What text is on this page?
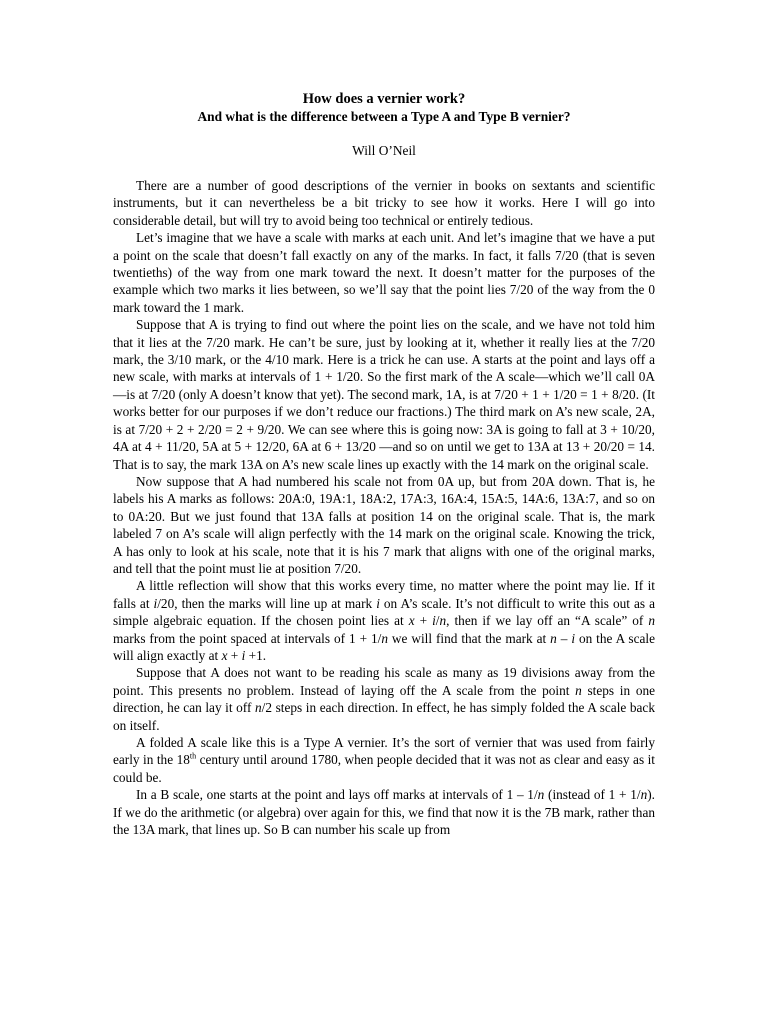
How does a vernier work?
And what is the difference between a Type A and Type B vernier?
Will O’Neil

There are a number of good descriptions of the vernier in books on sextants and scientific instruments, but it can nevertheless be a bit tricky to see how it works. Here I will go into considerable detail, but will try to avoid being too technical or entirely tedious.

Let’s imagine that we have a scale with marks at each unit. And let’s imagine that we have a put a point on the scale that doesn’t fall exactly on any of the marks. In fact, it falls 7/20 (that is seven twentieths) of the way from one mark toward the next. It doesn’t matter for the purposes of the example which two marks it lies between, so we’ll say that the point lies 7/20 of the way from the 0 mark toward the 1 mark.

Suppose that A is trying to find out where the point lies on the scale, and we have not told him that it lies at the 7/20 mark. He can’t be sure, just by looking at it, whether it really lies at the 7/20 mark, the 3/10 mark, or the 4/10 mark. Here is a trick he can use. A starts at the point and lays off a new scale, with marks at intervals of 1 + 1/20. So the first mark of the A scale—which we’ll call 0A—is at 7/20 (only A doesn’t know that yet). The second mark, 1A, is at 7/20 + 1 + 1/20 = 1 + 8/20. (It works better for our purposes if we don’t reduce our fractions.) The third mark on A’s new scale, 2A, is at 7/20 + 2 + 2/20 = 2 + 9/20. We can see where this is going now: 3A is going to fall at 3 + 10/20, 4A at 4 + 11/20, 5A at 5 + 12/20, 6A at 6 + 13/20 —and so on until we get to 13A at 13 + 20/20 = 14. That is to say, the mark 13A on A’s new scale lines up exactly with the 14 mark on the original scale.

Now suppose that A had numbered his scale not from 0A up, but from 20A down. That is, he labels his A marks as follows: 20A:0, 19A:1, 18A:2, 17A:3, 16A:4, 15A:5, 14A:6, 13A:7, and so on to 0A:20. But we just found that 13A falls at position 14 on the original scale. That is, the mark labeled 7 on A’s scale will align perfectly with the 14 mark on the original scale. Knowing the trick, A has only to look at his scale, note that it is his 7 mark that aligns with one of the original marks, and tell that the point must lie at position 7/20.

A little reflection will show that this works every time, no matter where the point may lie. If it falls at i/20, then the marks will line up at mark i on A’s scale. It’s not difficult to write this out as a simple algebraic equation. If the chosen point lies at x + i/n, then if we lay off an “A scale” of n marks from the point spaced at intervals of 1 + 1/n we will find that the mark at n – i on the A scale will align exactly at x + i +1.

Suppose that A does not want to be reading his scale as many as 19 divisions away from the point. This presents no problem. Instead of laying off the A scale from the point n steps in one direction, he can lay it off n/2 steps in each direction. In effect, he has simply folded the A scale back on itself.

A folded A scale like this is a Type A vernier. It’s the sort of vernier that was used from fairly early in the 18th century until around 1780, when people decided that it was not as clear and easy as it could be.

In a B scale, one starts at the point and lays off marks at intervals of 1 – 1/n (instead of 1 + 1/n). If we do the arithmetic (or algebra) over again for this, we find that now it is the 7B mark, rather than the 13A mark, that lines up. So B can number his scale up from
